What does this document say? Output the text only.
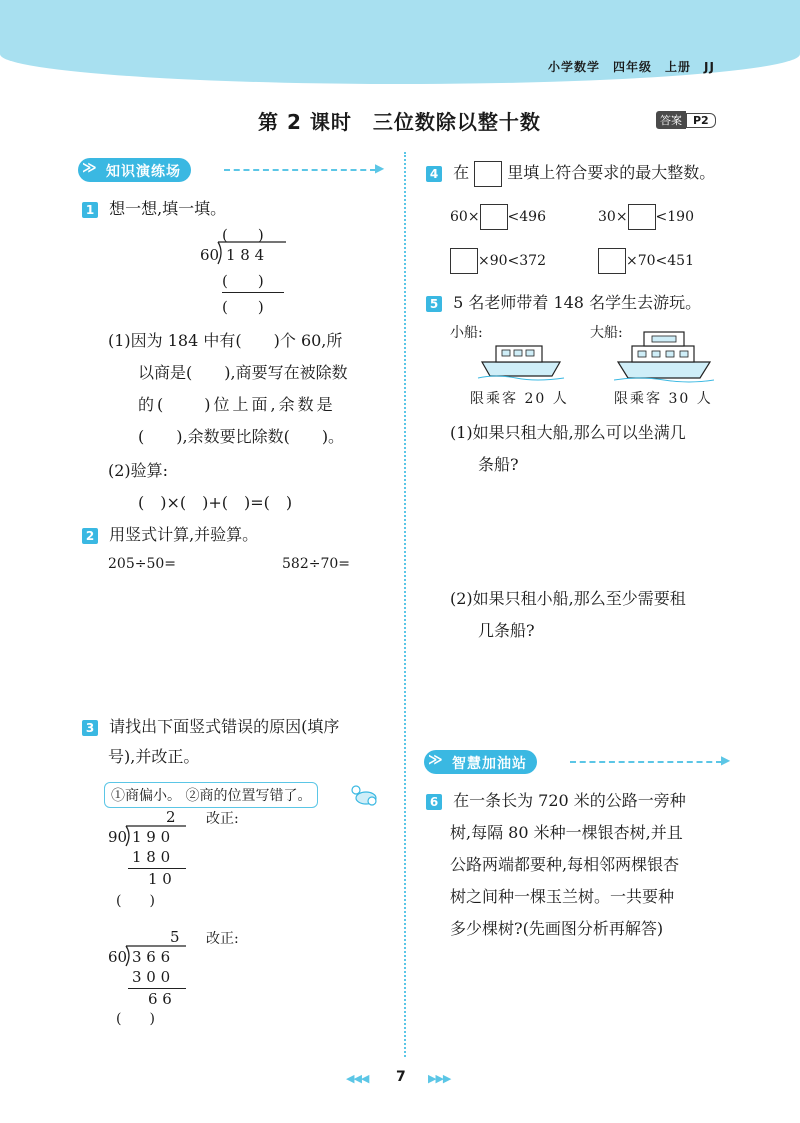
小学数学　四年级　上册　JJ
第 2 课时　三位数除以整十数	答案 P2
≫ 知识演练场	▶
1 想一想,填一填。
(　　)
60 1 8 4
(　　)
(　　)
(1)因为 184 中有(　　)个 60,所
以商是(　　),商要写在被除数
的(　　)位上面,余数是
(　　),余数要比除数(　　)。
(2)验算:
(　)×(　)+(　)=(　)
2 用竖式计算,并验算。
205÷50=	582÷70=
3 请找出下面竖式错误的原因(填序
号),并改正。
①商偏小。 ②商的位置写错了。
2
90 1 9 0
1 8 0
1 0
(　　)
改正:
5
60 3 6 6
3 0 0
6 6
(　　)
改正:
4 在 里填上符合要求的最大整数。
60× <496	30× <190
×90<372	×70<451
5 5 名老师带着 148 名学生去游玩。
小船:	大船:
限乘客 20 人	限乘客 30 人
(1)如果只租大船,那么可以坐满几
条船?
(2)如果只租小船,那么至少需要租
几条船?
≫ 智慧加油站	▶
6 在一条长为 720 米的公路一旁种
树,每隔 80 米种一棵银杏树,并且
公路两端都要种,每相邻两棵银杏
树之间种一棵玉兰树。一共要种
多少棵树?(先画图分析再解答)
◀◀◀ 7 ▶▶▶
